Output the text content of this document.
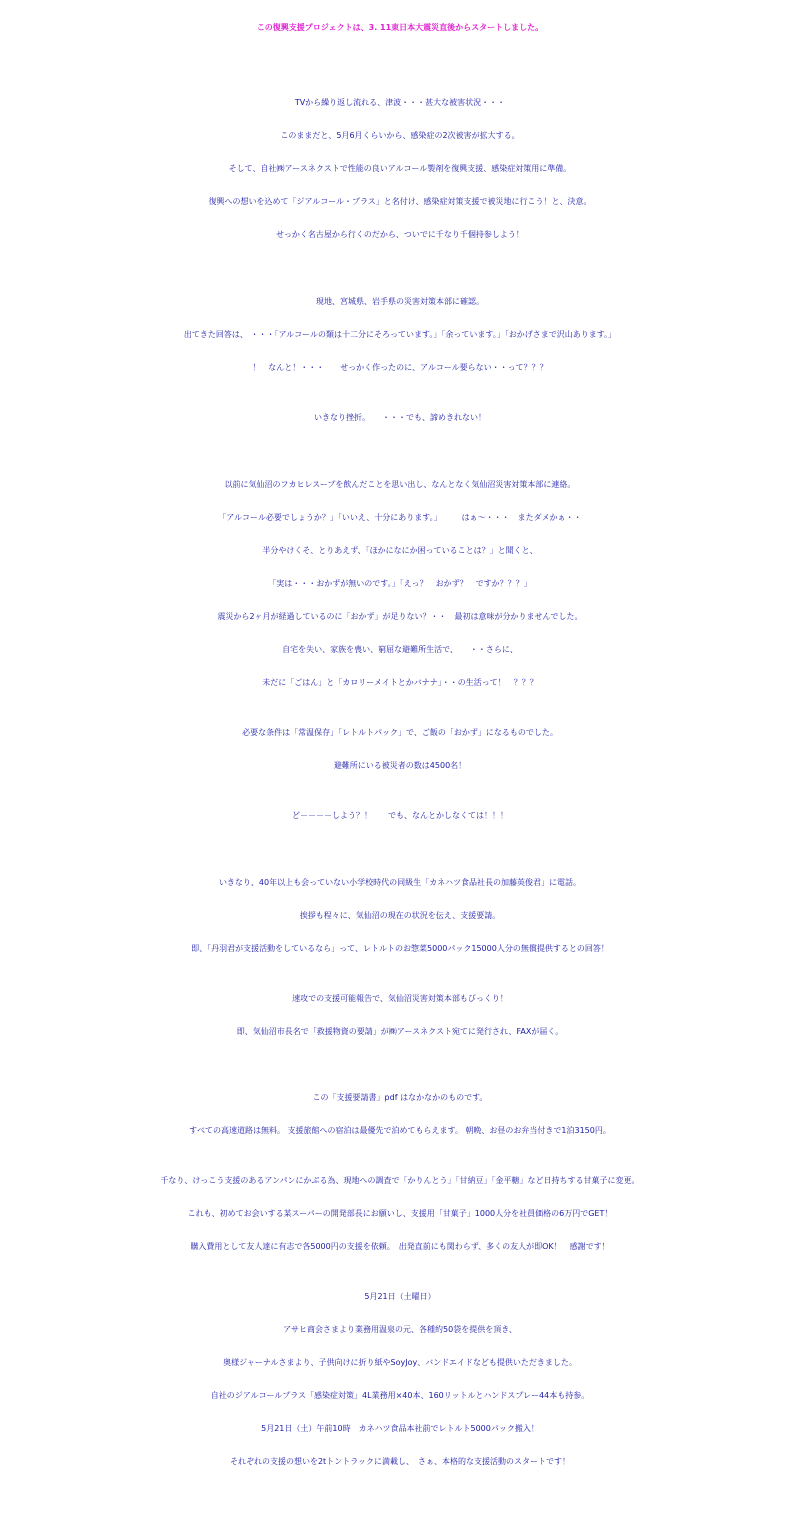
この復興支援プロジェクトは、3. 11東日本大震災直後からスタートしました。
TVから繰り返し流れる、津波・・・甚大な被害状況・・・
このままだと、5月6月くらいから、感染症の2次被害が拡大する。
そして、自社㈱アースネクストで性能の良いアルコール製剤を復興支援、感染症対策用に準備。
復興への想いを込めて「ジアルコール・プラス」と名付け、感染症対策支援で被災地に行こう！と、決意。
せっかく名古屋から行くのだから、ついでに千なり千個持参しよう！
現地、宮城県、岩手県の災害対策本部に確認。
出てきた回答は、 ・・・「アルコールの類は十二分にそろっています。」「余っています。」「おかげさまで沢山あります。」
！　なんと！・・・　　せっかく作ったのに、アルコール要らない・・って？？？
いきなり挫折。　　・・・でも、諦めきれない！
以前に気仙沼のフカヒレスープを飲んだことを思い出し、なんとなく気仙沼災害対策本部に連絡。
「アルコール必要でしょうか？」「いいえ、十分にあります。」　　　はぁ～・・・　またダメかぁ・・
半分やけくそ、とりあえず、「ほかになにか困っていることは？」と聞くと、
「実は・・・おかずが無いのです。」「えっ？　おかず？　ですか？？？」
震災から2ヶ月が経過しているのに「おかず」が足りない？・・　最初は意味が分かりませんでした。
自宅を失い、家族を喪い、窮屈な避難所生活で、　　・・さらに、
未だに「ごはん」と「カロリーメイトとかバナナ」・・の生活って！　？？？
必要な条件は「常温保存」「レトルトパック」で、ご飯の「おかず」になるものでした。
避難所にいる被災者の数は4500名！
ど－－－－しよう？！　　でも、なんとかしなくては！！！
いきなり、40年以上も会っていない小学校時代の同級生「カネハツ食品社長の加藤英俊君」に電話。
挨拶も程々に、気仙沼の現在の状況を伝え、支援要請。
即、「丹羽君が支援活動をしているなら」って、レトルトのお惣菜5000パック15000人分の無償提供するとの回答！
速攻での支援可能報告で、気仙沼災害対策本部もびっくり！
即、気仙沼市長名で「救援物資の要請」が㈱アースネクスト宛てに発行され、FAXが届く。
この「支援要請書」pdf はなかなかのものです。
すべての高速道路は無料。 支援旅館への宿泊は最優先で泊めてもらえます。 朝晩、お昼のお弁当付きで1泊3150円。
千なり、けっこう支援のあるアンパンにかぶる為、現地への調査で「かりんとう」「甘納豆」「金平糖」など日持ちする甘菓子に変更。
これも、初めてお会いする某スーパーの開発部長にお願いし、支援用「甘菓子」1000人分を社員価格の6万円でGET！
購入費用として友人達に有志で各5000円の支援を依頼。　出発直前にも関わらず、多くの友人が即OK！　感謝です！
5月21日（土曜日）
アサヒ商会さまより業務用温泉の元、各種約50袋を提供を頂き、
奥様ジャーナルさまより、子供向けに折り紙やSoyJoy、バンドエイドなども提供いただきました。
自社のジアルコールプラス「感染症対策」4L業務用×40本、160リットルとハンドスプレー44本も持参。
5月21日（土）午前10時　カネハツ食品本社前でレトルト5000パック搬入！
それぞれの支援の想いを2tトントラックに満載し、　さぁ、本格的な支援活動のスタートです！
